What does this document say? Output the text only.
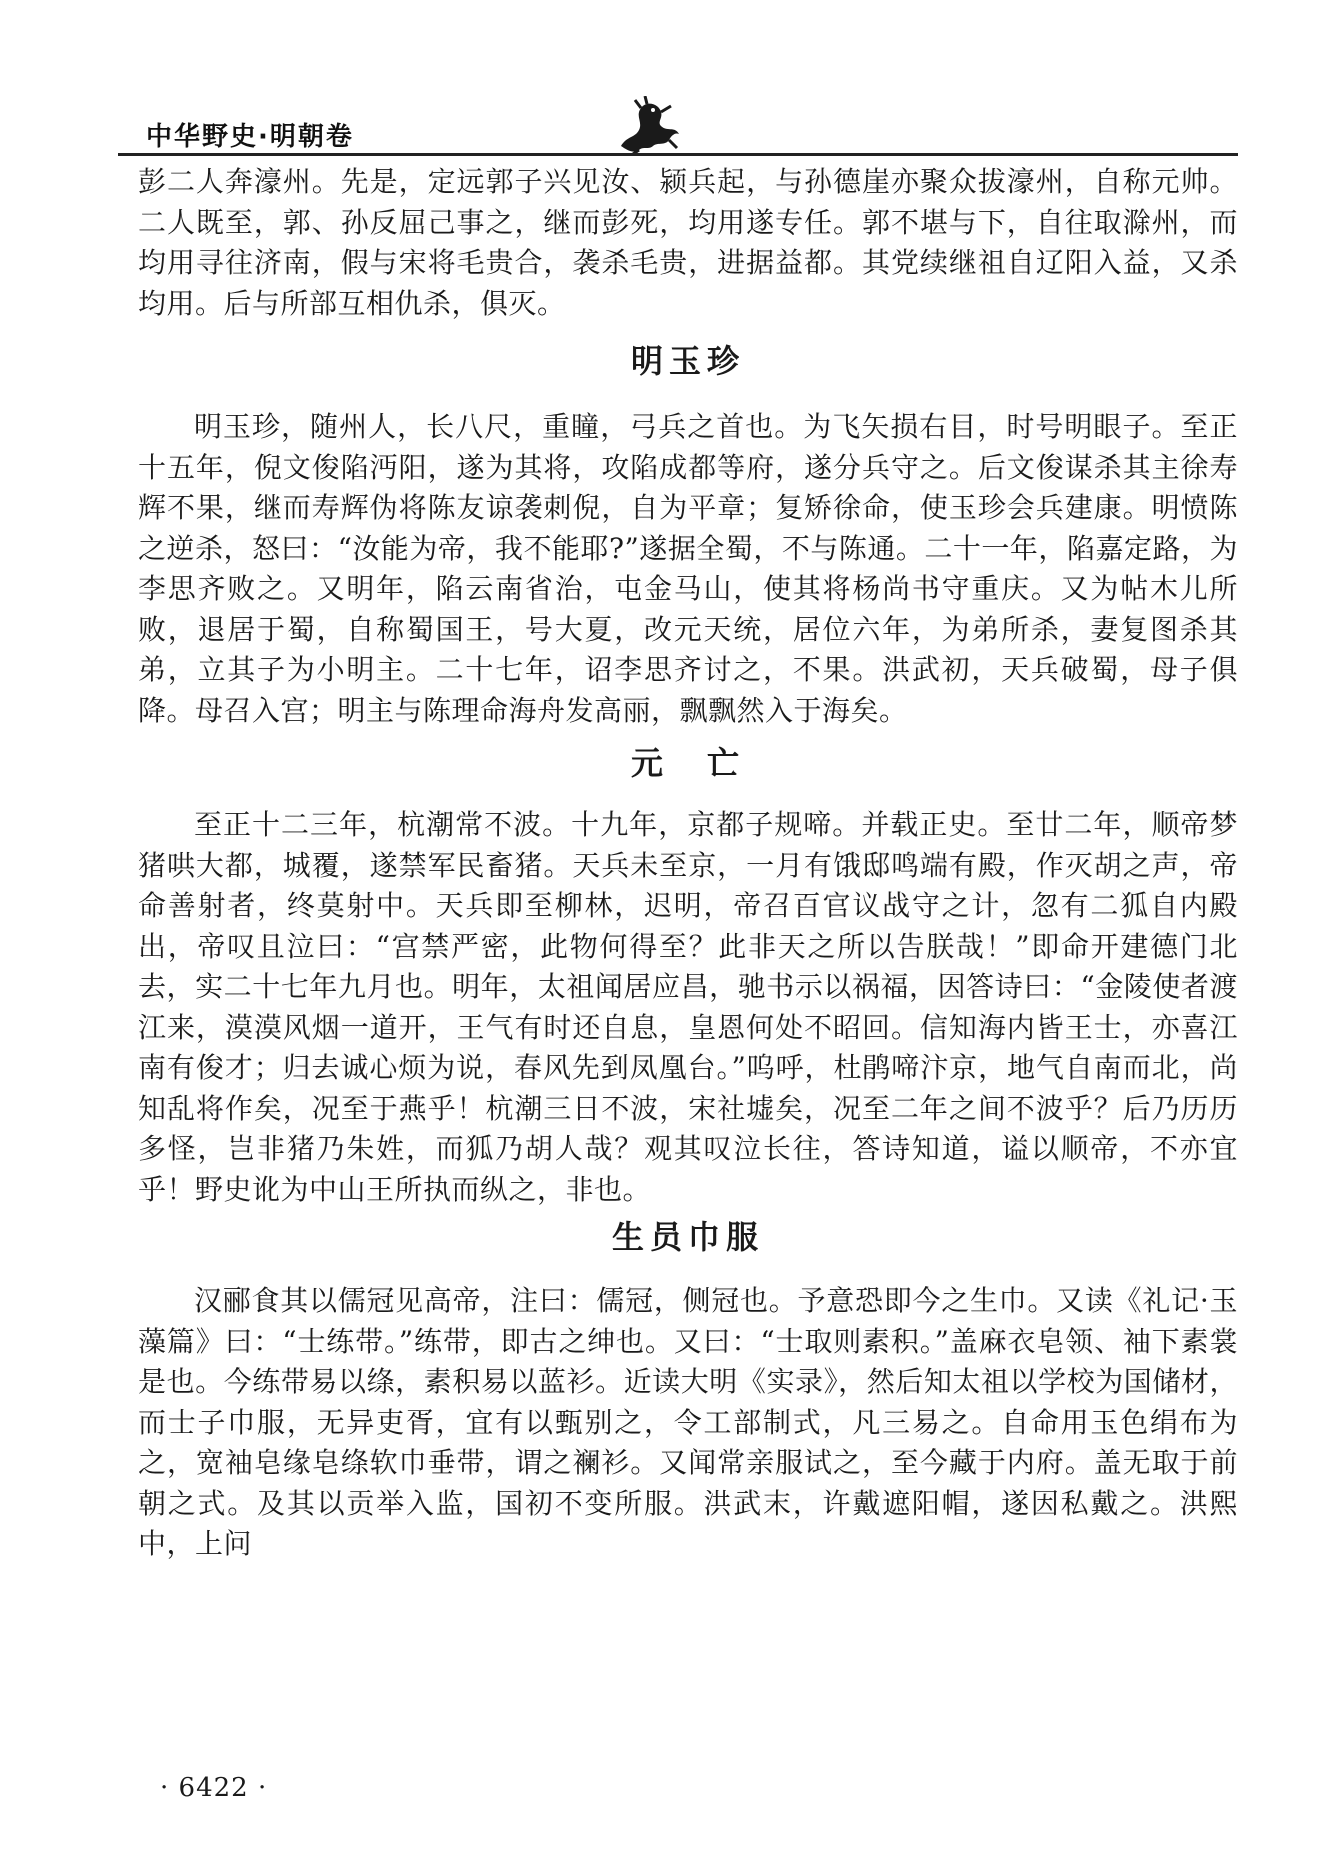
中华野史·明朝卷

彭二人奔濠州。先是，定远郭子兴见汝、颍兵起，与孙德崖亦聚众拔濠州，自称元帅。二人既至，郭、孙反屈己事之，继而彭死，均用遂专任。郭不堪与下，自往取滁州，而均用寻往济南，假与宋将毛贵合，袭杀毛贵，进据益都。其党续继祖自辽阳入益，又杀均用。后与所部互相仇杀，俱灭。

明玉珍

明玉珍，随州人，长八尺，重瞳，弓兵之首也。为飞矢损右目，时号明眼子。至正十五年，倪文俊陷沔阳，遂为其将，攻陷成都等府，遂分兵守之。后文俊谋杀其主徐寿辉不果，继而寿辉伪将陈友谅袭刺倪，自为平章；复矫徐命，使玉珍会兵建康。明愤陈之逆杀，怒曰：“汝能为帝，我不能耶?”遂据全蜀，不与陈通。二十一年，陷嘉定路，为李思齐败之。又明年，陷云南省治，屯金马山，使其将杨尚书守重庆。又为帖木儿所败，退居于蜀，自称蜀国王，号大夏，改元天统，居位六年，为弟所杀，妻复图杀其弟，立其子为小明主。二十七年，诏李思齐讨之，不果。洪武初，天兵破蜀，母子俱降。母召入宫；明主与陈理命海舟发高丽，飘飘然入于海矣。

元　亡

至正十二三年，杭潮常不波。十九年，京都子规啼。并载正史。至廿二年，顺帝梦猪哄大都，城覆，遂禁军民畜猪。天兵未至京，一月有饿邸鸣端有殿，作灭胡之声，帝命善射者，终莫射中。天兵即至柳林，迟明，帝召百官议战守之计，忽有二狐自内殿出，帝叹且泣曰：“宫禁严密，此物何得至？此非天之所以告朕哉！”即命开建德门北去，实二十七年九月也。明年，太祖闻居应昌，驰书示以祸福，因答诗曰：“金陵使者渡江来，漠漠风烟一道开，王气有时还自息，皇恩何处不昭回。信知海内皆王士，亦喜江南有俊才；归去诚心烦为说，春风先到凤凰台。”呜呼，杜鹃啼汴京，地气自南而北，尚知乱将作矣，况至于燕乎！杭潮三日不波，宋社墟矣，况至二年之间不波乎？后乃历历多怪，岂非猪乃朱姓，而狐乃胡人哉？观其叹泣长往，答诗知道，谥以顺帝，不亦宜乎！野史讹为中山王所执而纵之，非也。

生员巾服

汉郦食其以儒冠见高帝，注曰：儒冠，侧冠也。予意恐即今之生巾。又读《礼记·玉藻篇》曰：“士练带。”练带，即古之绅也。又曰：“士取则素积。”盖麻衣皂领、袖下素裳是也。今练带易以绦，素积易以蓝衫。近读大明《实录》，然后知太祖以学校为国储材，而士子巾服，无异吏胥，宜有以甄别之，令工部制式，凡三易之。自命用玉色绢布为之，宽袖皂缘皂绦软巾垂带，谓之襕衫。又闻常亲服试之，至今藏于内府。盖无取于前朝之式。及其以贡举入监，国初不变所服。洪武末，许戴遮阳帽，遂因私戴之。洪熙中，上问

· 6422 ·
